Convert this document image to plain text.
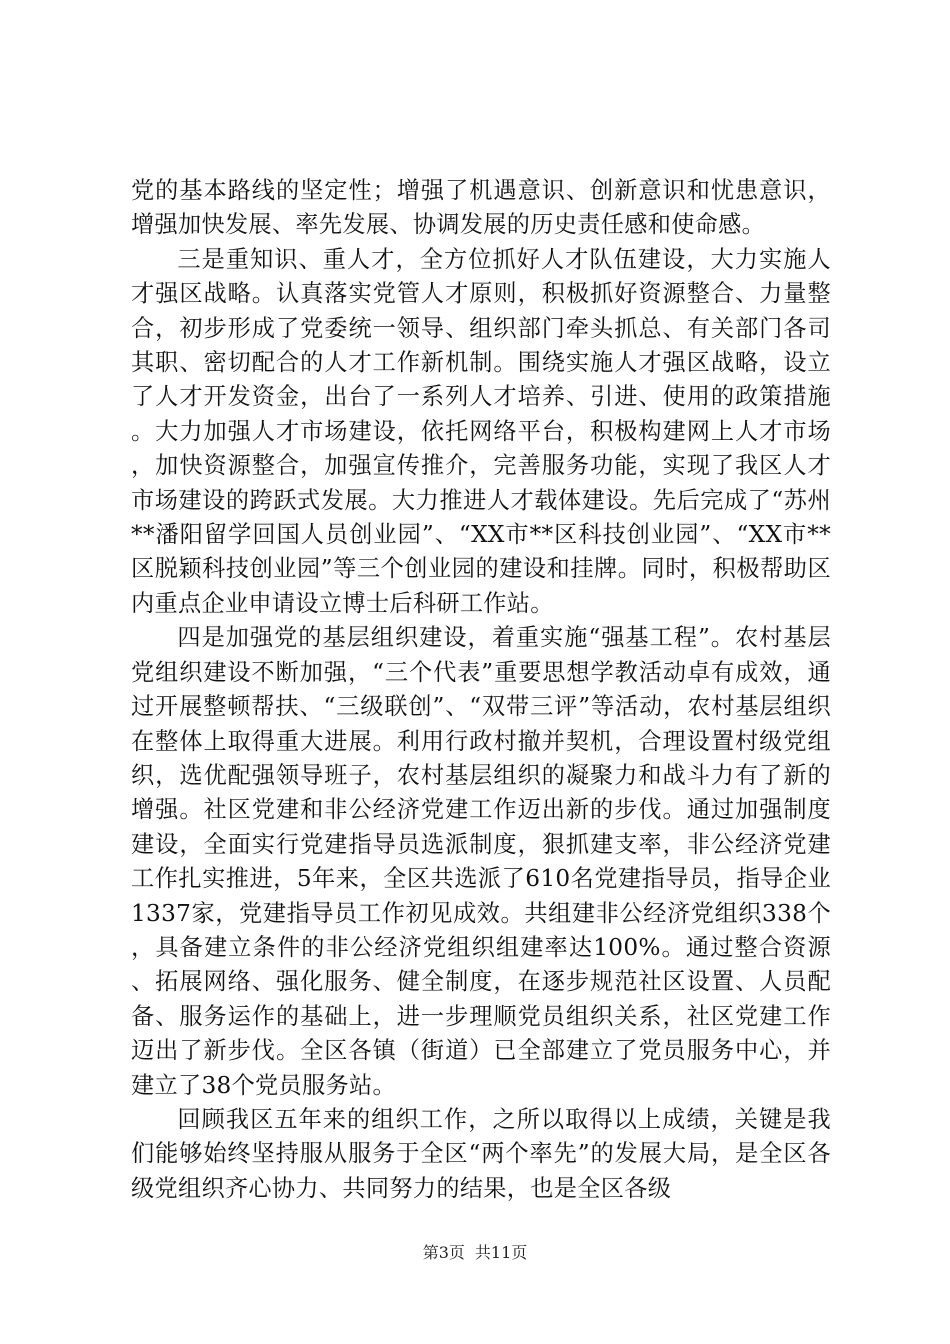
党的基本路线的坚定性；增强了机遇意识、创新意识和忧患意识，增强加快发展、率先发展、协调发展的历史责任感和使命感。

三是重知识、重人才，全方位抓好人才队伍建设，大力实施人才强区战略。认真落实党管人才原则，积极抓好资源整合、力量整合，初步形成了党委统一领导、组织部门牵头抓总、有关部门各司其职、密切配合的人才工作新机制。围绕实施人才强区战略，设立了人才开发资金，出台了一系列人才培养、引进、使用的政策措施。大力加强人才市场建设，依托网络平台，积极构建网上人才市场，加快资源整合，加强宣传推介，完善服务功能，实现了我区人才市场建设的跨跃式发展。大力推进人才载体建设。先后完成了“苏州**潘阳留学回国人员创业园”、“XX市**区科技创业园”、“XX市**区脱颖科技创业园”等三个创业园的建设和挂牌。同时，积极帮助区内重点企业申请设立博士后科研工作站。

四是加强党的基层组织建设，着重实施“强基工程”。农村基层党组织建设不断加强，“三个代表”重要思想学教活动卓有成效，通过开展整顿帮扶、“三级联创”、“双带三评”等活动，农村基层组织在整体上取得重大进展。利用行政村撤并契机，合理设置村级党组织，选优配强领导班子，农村基层组织的凝聚力和战斗力有了新的增强。社区党建和非公经济党建工作迈出新的步伐。通过加强制度建设，全面实行党建指导员选派制度，狠抓建支率，非公经济党建工作扎实推进，5年来，全区共选派了610名党建指导员，指导企业1337家，党建指导员工作初见成效。共组建非公经济党组织338个，具备建立条件的非公经济党组织组建率达100%。通过整合资源、拓展网络、强化服务、健全制度，在逐步规范社区设置、人员配备、服务运作的基础上，进一步理顺党员组织关系，社区党建工作迈出了新步伐。全区各镇（街道）已全部建立了党员服务中心，并建立了38个党员服务站。

回顾我区五年来的组织工作，之所以取得以上成绩，关键是我们能够始终坚持服从服务于全区“两个率先”的发展大局，是全区各级党组织齐心协力、共同努力的结果，也是全区各级

第3页 共11页
